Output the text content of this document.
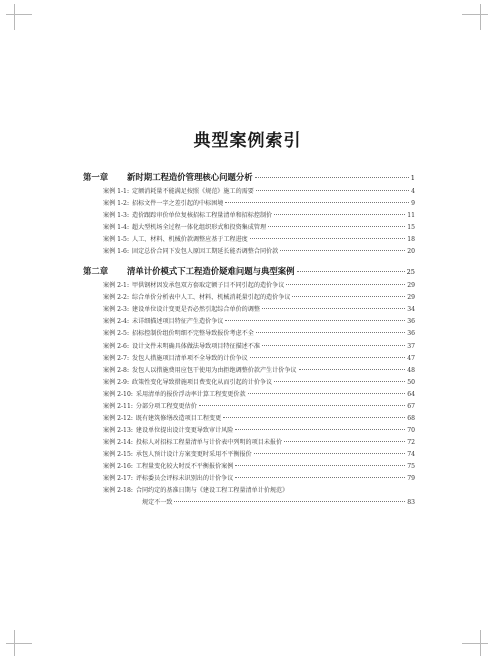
典型案例索引
第一章	新时期工程造价管理核心问题分析	1
案例 1-1: 定额消耗量不能满足按照《规范》施工的需要	4
案例 1-2: 招标文件一字之差引起的中标困境	9
案例 1-3: 造价跟踪审价单位复核招标工程量清单和招标控制价	11
案例 1-4: 超大型机场全过程一体化组织形式和投资集成管理	15
案例 1-5: 人工、材料、机械价款调整应基于工程进度	18
案例 1-6: 固定总价合同下发包人原因工期延长能否调整合同价款	20
第二章	清单计价模式下工程造价疑难问题与典型案例	25
案例 2-1: 甲供钢材因发承包双方套取定额子目不同引起的造价争议	29
案例 2-2: 综合单价分析表中人工、材料、机械消耗量引起的造价争议	29
案例 2-3: 建设单位设计变更是否必然引起综合单价的调整	34
案例 2-4: 未详细描述项目特征产生造价争议	36
案例 2-5: 招标控制价组价明细不完整导致报价考虑不全	36
案例 2-6: 设计文件未明确具体做法导致项目特征描述不准	37
案例 2-7: 发包人措施项目清单项不全导致的计价争议	47
案例 2-8: 发包人以措施费用应包干使用为由拒绝调整价款产生计价争议	48
案例 2-9: 政策性变化导致措施项目费变化从而引起的计价争议	50
案例 2-10: 采用清单的报价浮动率计算工程变更价款	64
案例 2-11: 分部分项工程变更估价	67
案例 2-12: 既有建筑修缮改造项目工程变更	68
案例 2-13: 建设单位提出设计变更导致审计风险	70
案例 2-14: 投标人对招标工程量清单与计价表中列明的项目未报价	72
案例 2-15: 承包人预计设计方案变更时采用不平衡报价	74
案例 2-16: 工程量变化较大时反不平衡报价案例	75
案例 2-17: 评标委员会评标未识别出的计价争议	79
案例 2-18: 合同约定的基准日期与《建设工程工程量清单计价规范》
规定不一致	83
